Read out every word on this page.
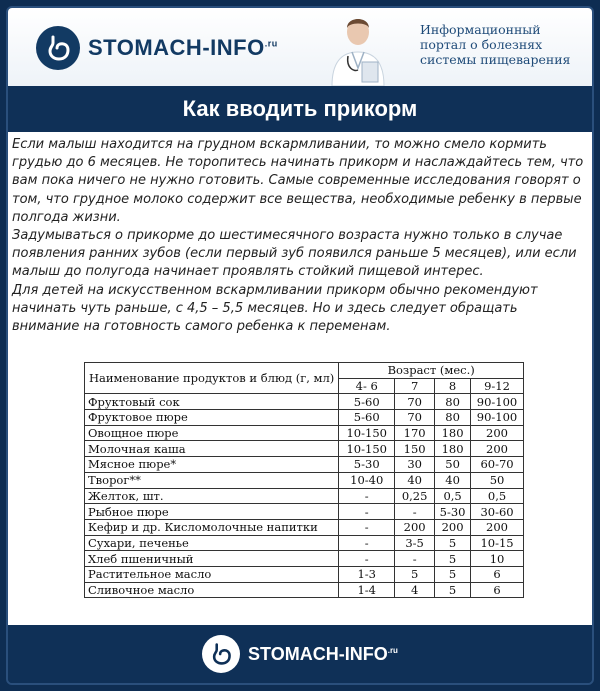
STOMACH-$INFO^{.ru}$
Информационный портал о болезнях системы пищеварения
Как вводить прикорм

Если малыш находится на грудном вскармливании, то можно смело кормить грудью до 6 месяцев. Не торопитесь начинать прикорм и наслаждайтесь тем, что вам пока ничего не нужно готовить. Самые современные исследования говорят о том, что грудное молоко содержит все вещества, необходимые ребенку в первые полгода жизни.

Задумываться о прикорме до шестимесячного возраста нужно только в случае появления ранних зубов (если первый зуб появился раньше 5 месяцев), или если малыш до полугода начинает проявлять стойкий пищевой интерес.

Для детей на искусственном вскармливании прикорм обычно рекомендуют начинать чуть раньше, с 4,5 – 5,5 месяцев. Но и здесь следует обращать внимание на готовность самого ребенка к переменам.

Наименование продуктов и блюд (г, мл)	Возраст (мес.)			
	4- 6	7	8	9-12
Фруктовый сок	5-60	70	80	90-100
Фруктовое пюре	5-60	70	80	90-100
Овощное пюре	10-150	170	180	200
Молочная каша	10-150	150	180	200
Мясное пюре*	5-30	30	50	60-70
Творог**	10-40	40	40	50
Желток, шт.	-	0,25	0,5	0,5
Рыбное пюре	-	-	5-30	30-60
Кефир и др. Кисломолочные напитки	-	200	200	200
Сухари, печенье	-	3-5	5	10-15
Хлеб пшеничный	-	-	5	10
Растительное масло	1-3	5	5	6
Сливочное масло	1-4	4	5	6
STOMACH-$INFO^{.ru}$
